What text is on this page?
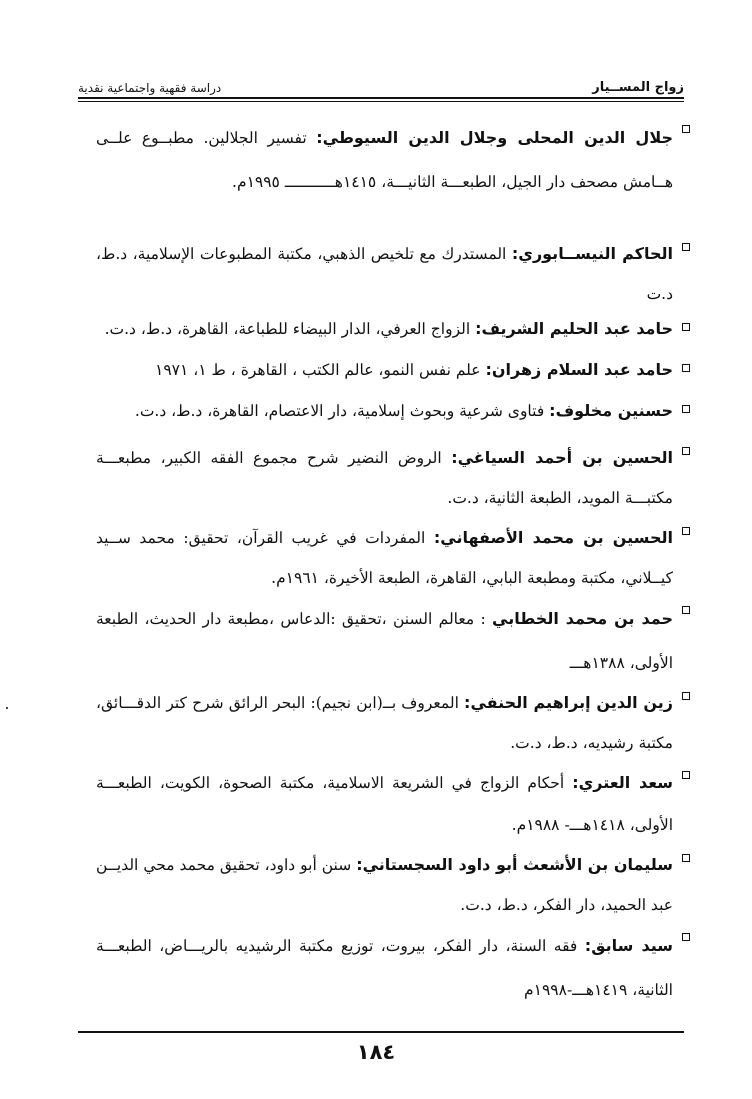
زواج المســيار
دراسة فقهية واجتماعية نقدية
جلال الدين المحلى وجلال الدين السيوطي: تفسير الجلالين. مطبــوع علــى هــامش مصحف دار الجيل، الطبعـــة الثانيـــة، ١٤١٥هـــــــــــ ١٩٩٥م.
الحاكم النيســابوري: المستدرك مع تلخيص الذهبي، مكتبة المطبوعات الإسلامية، د.ط، د.ت
حامد عبد الحليم الشريف: الزواج العرفي، الدار البيضاء للطباعة، القاهرة، د.ط، د.ت.
حامد عبد السلام زهران: علم نفس النمو، عالم الكتب ، القاهرة ، ط ١، ١٩٧١
حسنين مخلوف: فتاوى شرعية وبحوث إسلامية، دار الاعتصام، القاهرة، د.ط، د.ت.
الحسين بن أحمد السياغي: الروض النضير شرح مجموع الفقه الكبير، مطبعـــة مكتبـــة المويد، الطبعة الثانية، د.ت.
الحسين بن محمد الأصفهاني: المفردات في غريب القرآن، تحقيق: محمد ســيد كيــلاني، مكتبة ومطبعة البابي، القاهرة، الطبعة الأخيرة، ١٩٦١م.
حمد بن محمد الخطابي : معالم السنن ،تحقيق :الدعاس ،مطبعة دار الحديث، الطبعة الأولى، ١٣٨٨هـــ
زين الدين إبراهيم الحنفي: المعروف بــ(ابن نجيم): البحر الرائق شرح كتر الدقـــائق، مكتبة رشيديه، د.ط، د.ت.
سعد العتري: أحكام الزواج في الشريعة الاسلامية، مكتبة الصحوة، الكويت، الطبعـــة الأولى، ١٤١٨هـــ- ١٩٨٨م.
سليمان بن الأشعث أبو داود السجستاني: سنن أبو داود، تحقيق محمد محي الديــن عبد الحميد، دار الفكر، د.ط، د.ت.
سيد سابق: فقه السنة، دار الفكر، بيروت، توزيع مكتبة الرشيديه بالريـــاض، الطبعـــة الثانية، ١٤١٩هـــ-١٩٩٨م
١٨٤
